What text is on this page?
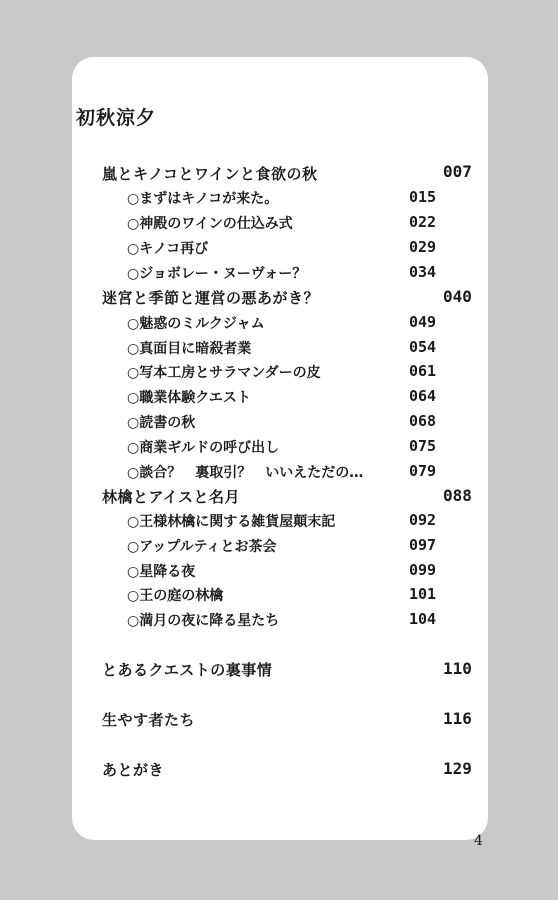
初秋涼夕
嵐とキノコとワインと食欲の秋	007
○まずはキノコが来た。	015
○神殿のワインの仕込み式	022
○キノコ再び	029
○ジョボレー・ヌーヴォー？	034
迷宮と季節と運営の悪あがき？	040
○魅惑のミルクジャム	049
○真面目に暗殺者業	054
○写本工房とサラマンダーの皮	061
○職業体験クエスト	064
○読書の秋	068
○商業ギルドの呼び出し	075
○談合？　裏取引？　いいえただの…	079
林檎とアイスと名月	088
○王様林檎に関する雑貨屋顛末記	092
○アップルティとお茶会	097
○星降る夜	099
○王の庭の林檎	101
○満月の夜に降る星たち	104
とあるクエストの裏事情	110
生やす者たち	116
あとがき	129
4
